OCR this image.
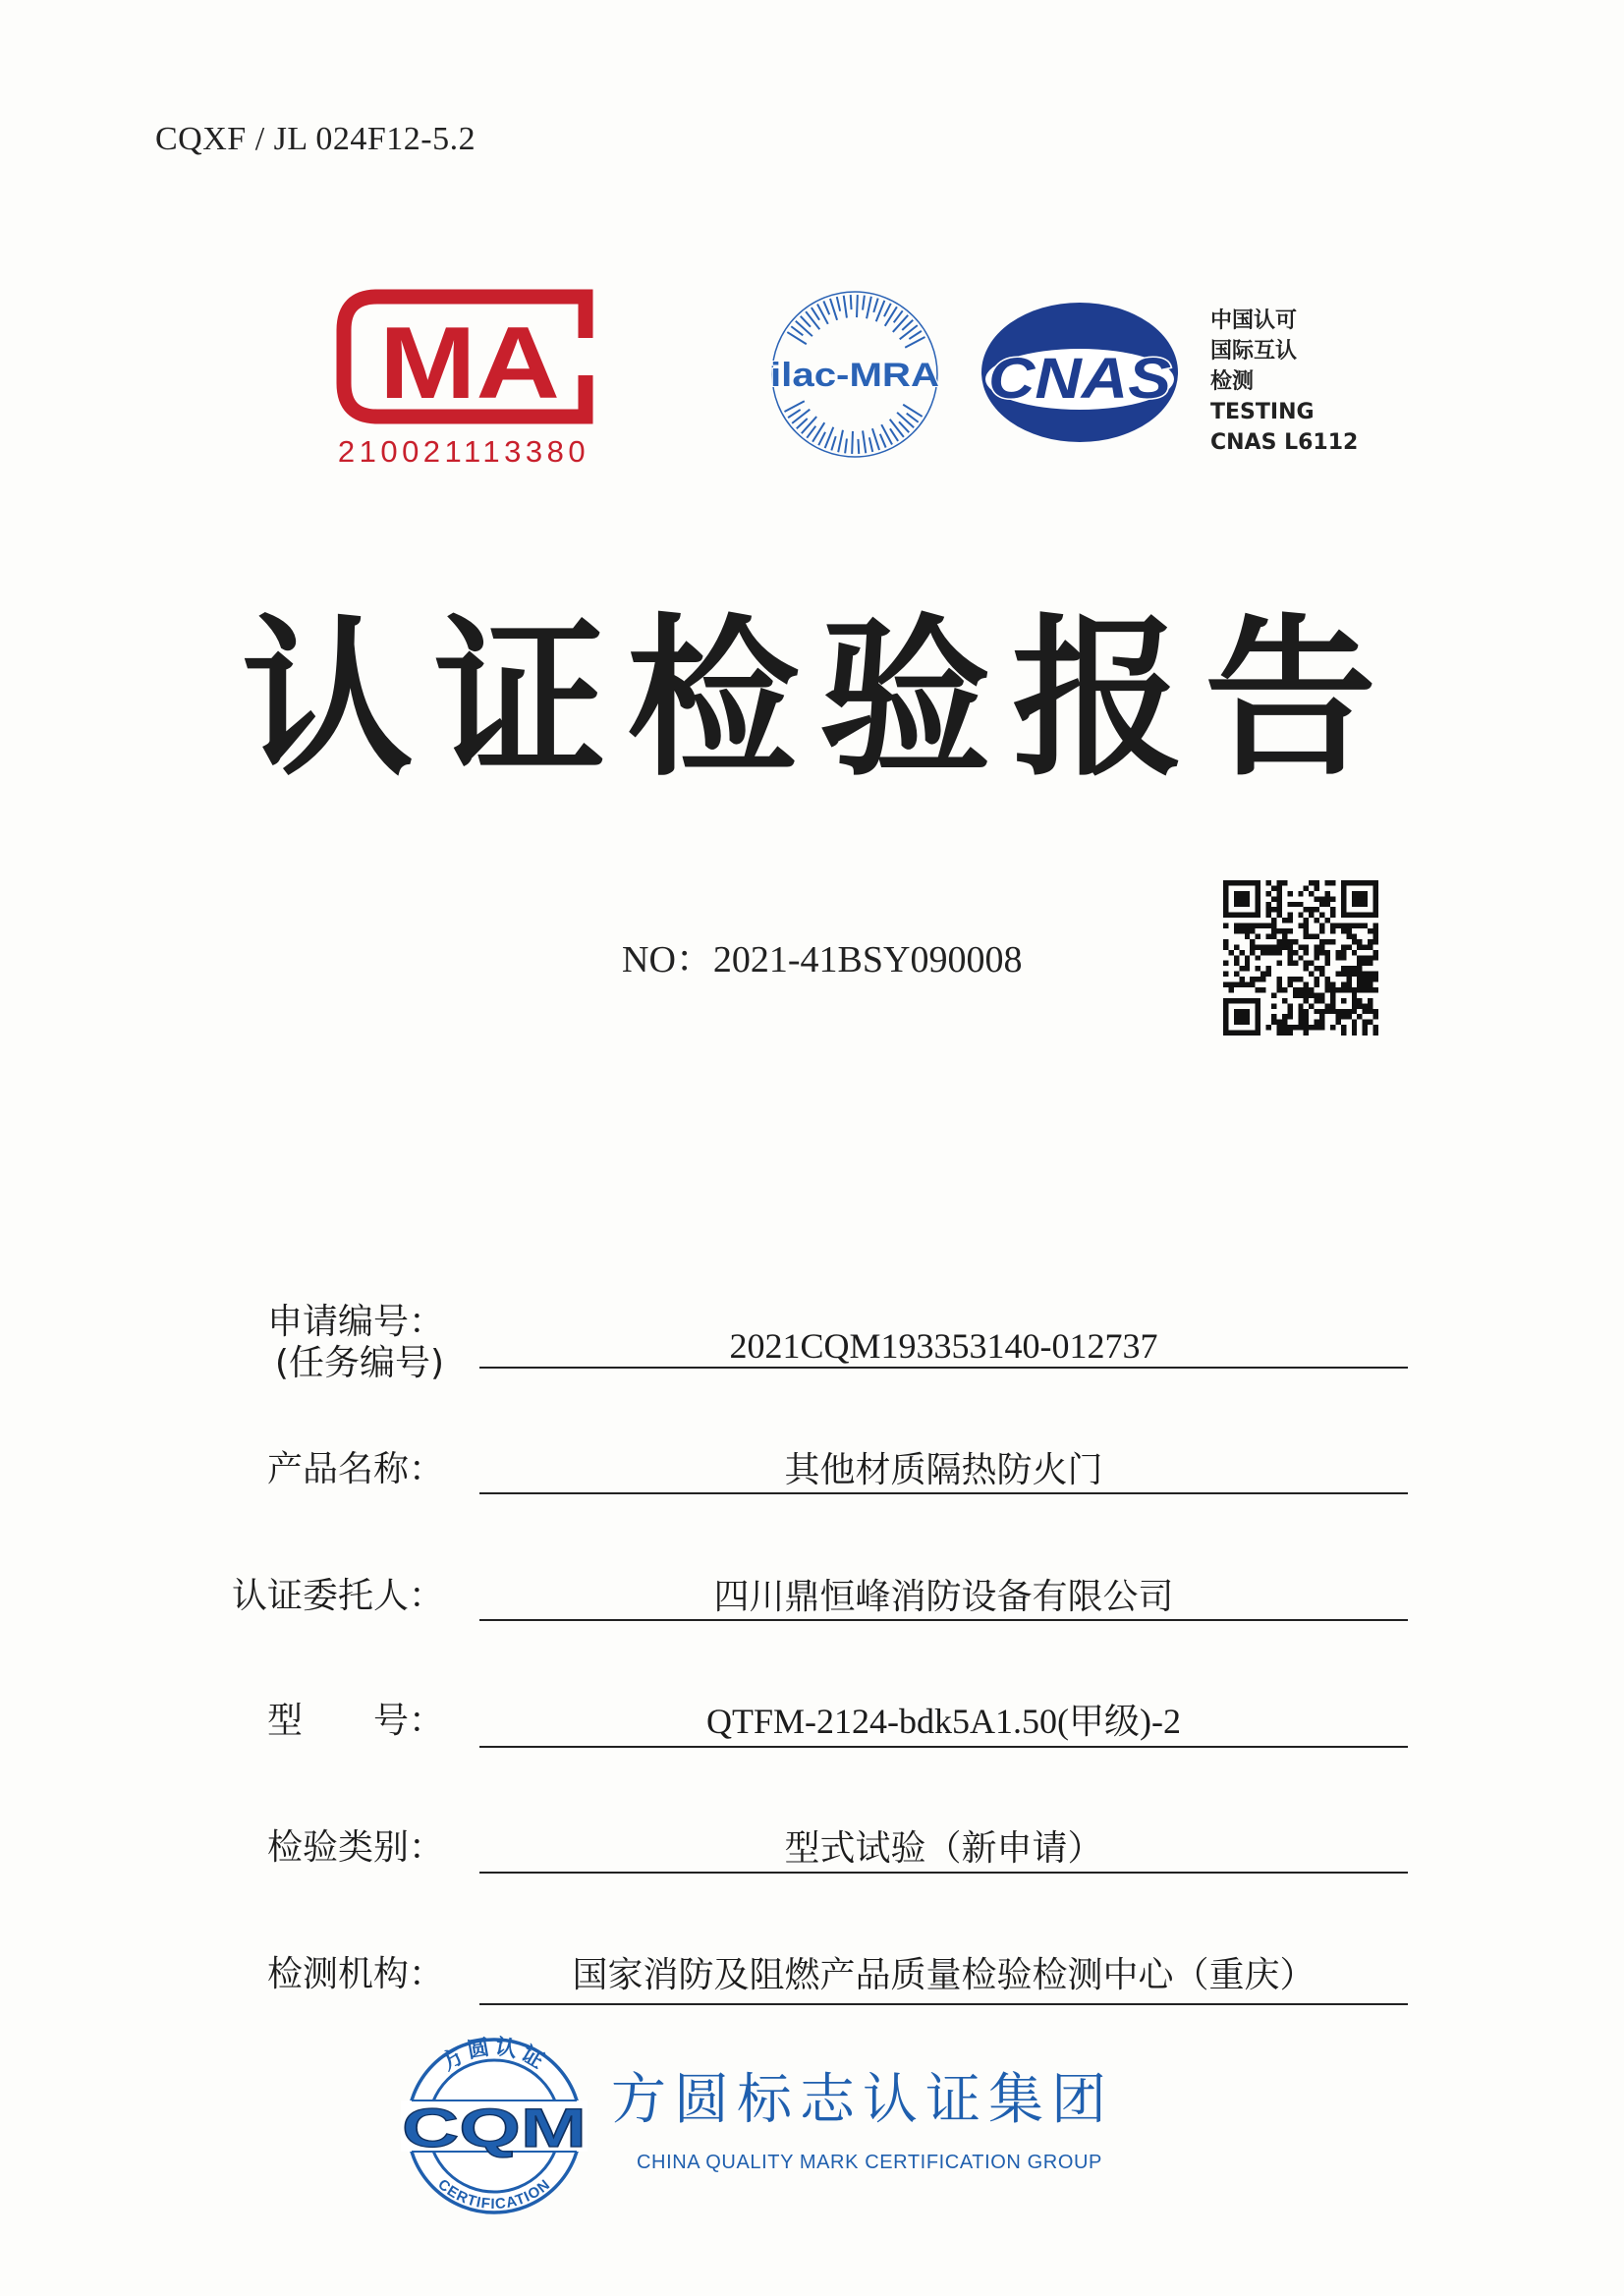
CQXF / JL 024F12-5.2
MA
210021113380
ilac-MRA CNAS
中国认可
国际互认
检测
TESTING
CNAS L6112
认证检验报告
NO：2021-41BSY090008
申请编号：
(任务编号)	2021CQM193353140-012737
产品名称：	其他材质隔热防火门
认证委托人：	四川鼎恒峰消防设备有限公司
型　　号：	QTFM-2124-bdk5A1.50(甲级)-2
检验类别：	型式试验（新申请）
检测机构：	国家消防及阻燃产品质量检验检测中心（重庆）
方圆认证
CERTIFICATION
CQM 方圆标志认证集团
CHINA QUALITY MARK CERTIFICATION GROUP
